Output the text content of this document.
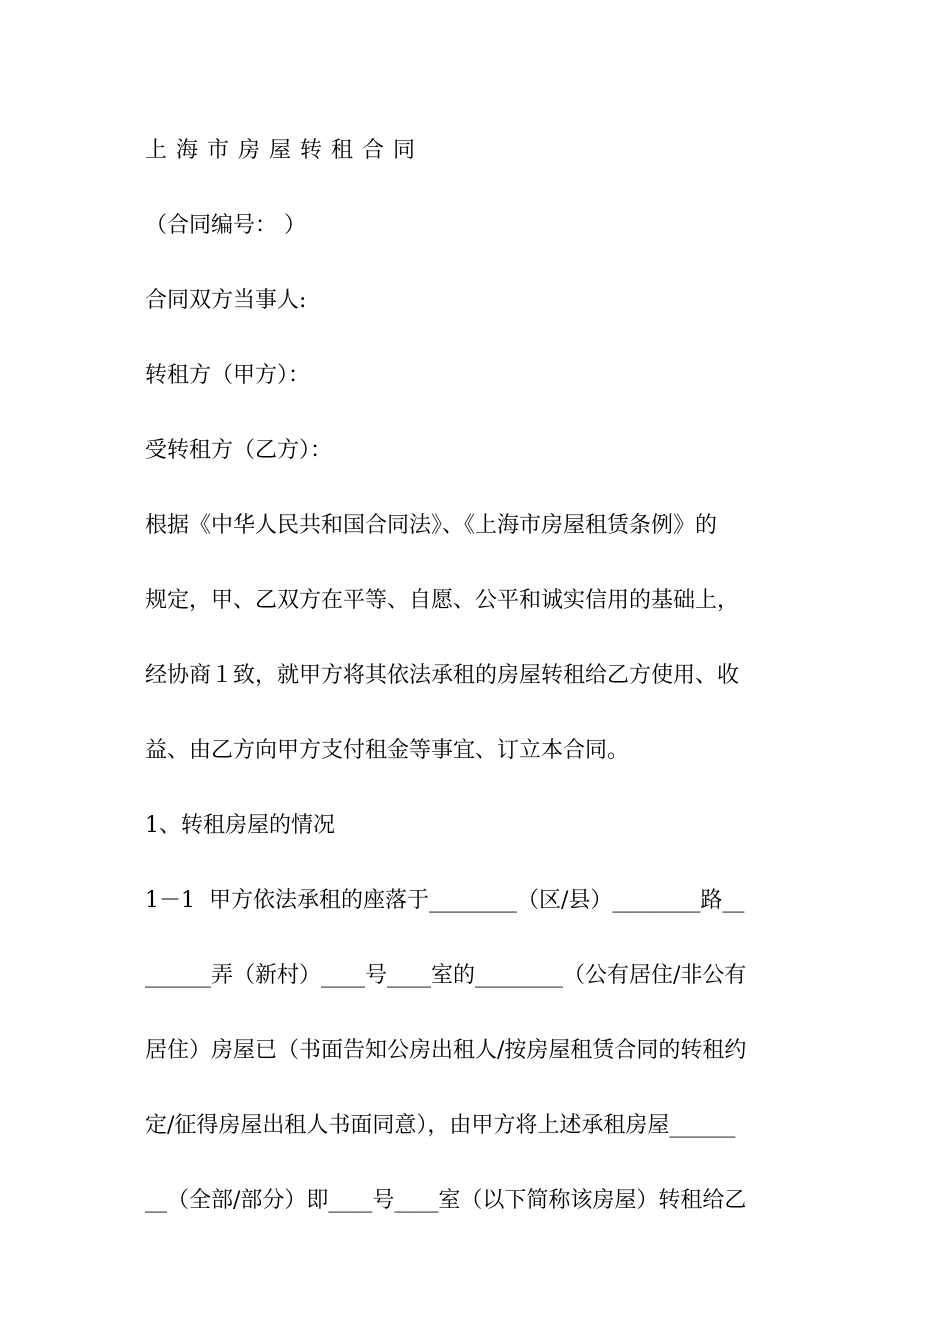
上 海 市 房 屋 转 租 合 同
（合同编号： ）
合同双方当事人:
转租方（甲方）：
受转租方（乙方）：
根据《中华人民共和国合同法》、《上海市房屋租赁条例》的
规定，甲、乙双方在平等、自愿、公平和诚实信用的基础上，
经协商１致，就甲方将其依法承租的房屋转租给乙方使用、收
益、由乙方向甲方支付租金等事宜、订立本合同。
1、转租房屋的情况
1－1  甲方依法承租的座落于________（区/县）________路__
______弄（新村）____号____室的________（公有居住/非公有
居住）房屋已（书面告知公房出租人/按房屋租赁合同的转租约
定/征得房屋出租人书面同意），由甲方将上述承租房屋______
__（全部/部分）即____号____室（以下简称该房屋）转租给乙
